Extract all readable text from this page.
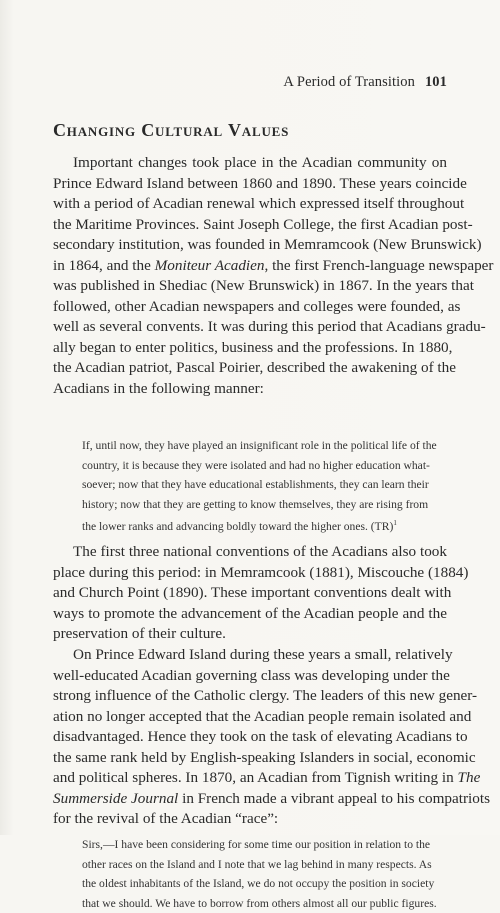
A Period of Transition 101
Changing Cultural Values
Important changes took place in the Acadian community on
Prince Edward Island between 1860 and 1890. These years coincide
with a period of Acadian renewal which expressed itself throughout
the Maritime Provinces. Saint Joseph College, the first Acadian post-
secondary institution, was founded in Memramcook (New Brunswick)
in 1864, and the Moniteur Acadien, the first French-language newspaper
was published in Shediac (New Brunswick) in 1867. In the years that
followed, other Acadian newspapers and colleges were founded, as
well as several convents. It was during this period that Acadians gradu-
ally began to enter politics, business and the professions. In 1880,
the Acadian patriot, Pascal Poirier, described the awakening of the
Acadians in the following manner:
If, until now, they have played an insignificant role in the political life of the
country, it is because they were isolated and had no higher education what-
soever; now that they have educational establishments, they can learn their
history; now that they are getting to know themselves, they are rising from
the lower ranks and advancing boldly toward the higher ones. (TR)$^1$
The first three national conventions of the Acadians also took
place during this period: in Memramcook (1881), Miscouche (1884)
and Church Point (1890). These important conventions dealt with
ways to promote the advancement of the Acadian people and the
preservation of their culture.
On Prince Edward Island during these years a small, relatively
well-educated Acadian governing class was developing under the
strong influence of the Catholic clergy. The leaders of this new gener-
ation no longer accepted that the Acadian people remain isolated and
disadvantaged. Hence they took on the task of elevating Acadians to
the same rank held by English-speaking Islanders in social, economic
and political spheres. In 1870, an Acadian from Tignish writing in The
Summerside Journal in French made a vibrant appeal to his compatriots
for the revival of the Acadian “race”:
Sirs,—I have been considering for some time our position in relation to the
other races on the Island and I note that we lag behind in many respects. As
the oldest inhabitants of the Island, we do not occupy the position in society
that we should. We have to borrow from others almost all our public figures.
